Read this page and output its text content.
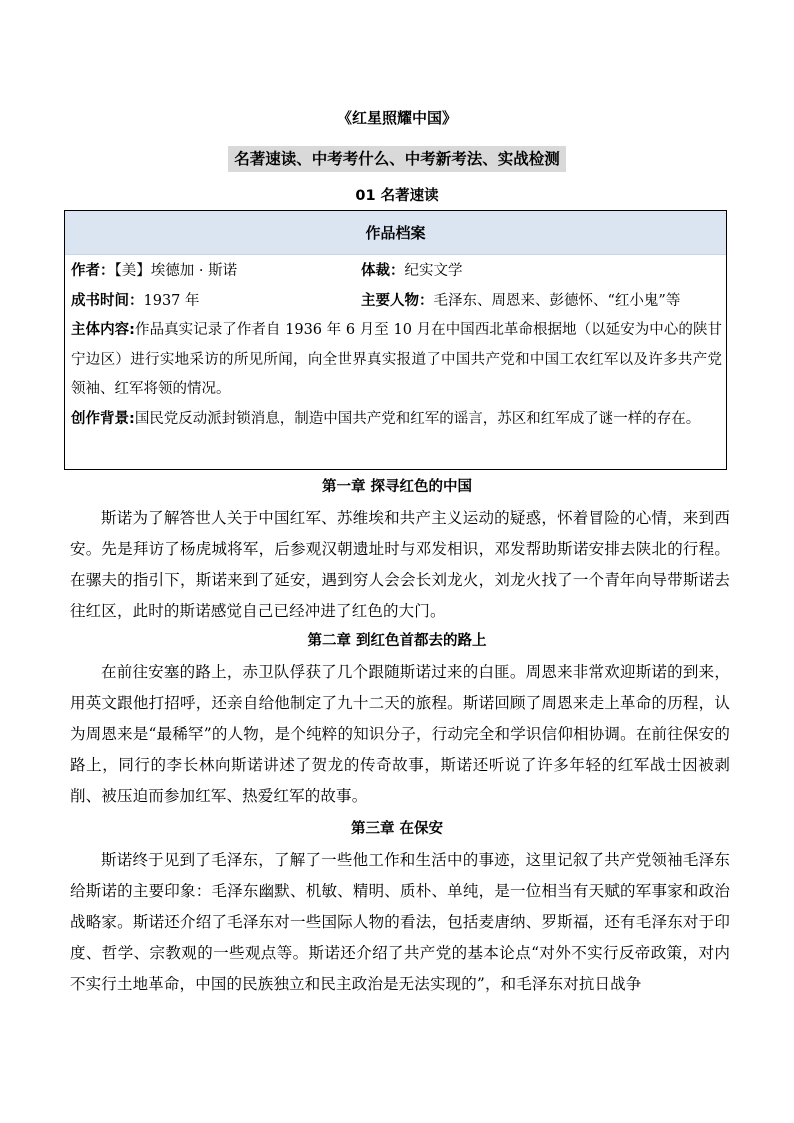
《红星照耀中国》
名著速读、中考考什么、中考新考法、实战检测
01 名著速读
作品档案
作者：【美】埃德加 · 斯诺	体裁：纪实文学
成书时间：1937 年	主要人物：毛泽东、周恩来、彭德怀、“红小鬼”等
主体内容:作品真实记录了作者自 1936 年 6 月至 10 月在中国西北革命根据地（以延安为中心的陕甘宁边区）进行实地采访的所见所闻，向全世界真实报道了中国共产党和中国工农红军以及许多共产党领袖、红军将领的情况。
创作背景:国民党反动派封锁消息，制造中国共产党和红军的谣言，苏区和红军成了谜一样的存在。
第一章 探寻红色的中国
斯诺为了解答世人关于中国红军、苏维埃和共产主义运动的疑惑，怀着冒险的心情，来到西安。先是拜访了杨虎城将军，后参观汉朝遗址时与邓发相识，邓发帮助斯诺安排去陕北的行程。在骡夫的指引下，斯诺来到了延安，遇到穷人会会长刘龙火，刘龙火找了一个青年向导带斯诺去往红区，此时的斯诺感觉自己已经冲进了红色的大门。
第二章 到红色首都去的路上
在前往安塞的路上，赤卫队俘获了几个跟随斯诺过来的白匪。周恩来非常欢迎斯诺的到来，用英文跟他打招呼，还亲自给他制定了九十二天的旅程。斯诺回顾了周恩来走上革命的历程，认为周恩来是“最稀罕”的人物，是个纯粹的知识分子，行动完全和学识信仰相协调。在前往保安的路上，同行的李长林向斯诺讲述了贺龙的传奇故事，斯诺还听说了许多年轻的红军战士因被剥削、被压迫而参加红军、热爱红军的故事。
第三章 在保安
斯诺终于见到了毛泽东，了解了一些他工作和生活中的事迹，这里记叙了共产党领袖毛泽东给斯诺的主要印象：毛泽东幽默、机敏、精明、质朴、单纯，是一位相当有天赋的军事家和政治战略家。斯诺还介绍了毛泽东对一些国际人物的看法，包括麦唐纳、罗斯福，还有毛泽东对于印度、哲学、宗教观的一些观点等。斯诺还介绍了共产党的基本论点“对外不实行反帝政策，对内不实行土地革命，中国的民族独立和民主政治是无法实现的”，和毛泽东对抗日战争
